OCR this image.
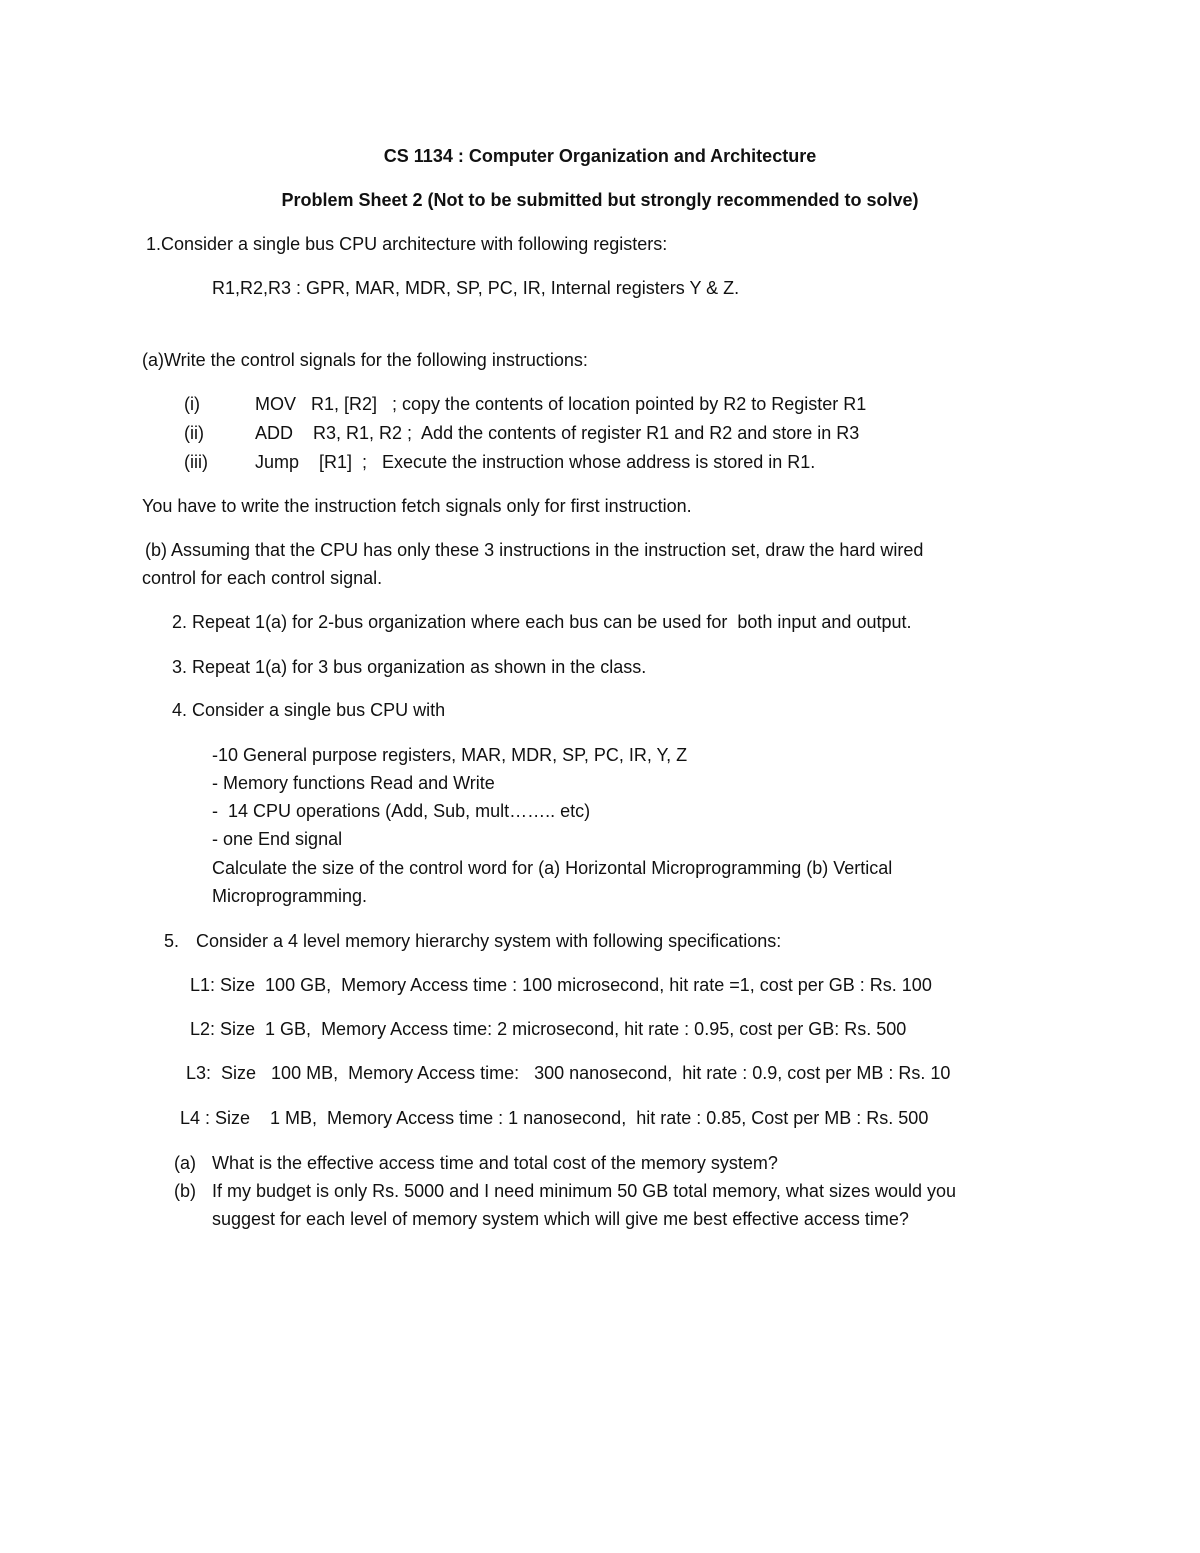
CS 1134 : Computer Organization and Architecture
Problem Sheet 2 (Not to be submitted but strongly recommended to solve)
1.Consider a single bus CPU architecture with following registers:
R1,R2,R3 : GPR, MAR, MDR, SP, PC, IR, Internal registers Y & Z.
(a)Write the control signals for the following instructions:
(i)	MOV   R1, [R2]   ; copy the contents of location pointed by R2 to Register R1
(ii)	ADD    R3, R1, R2 ;  Add the contents of register R1 and R2 and store in R3
(iii)	Jump    [R1]  ;   Execute the instruction whose address is stored in R1.
You have to write the instruction fetch signals only for first instruction.
(b) Assuming that the CPU has only these 3 instructions in the instruction set, draw the hard wired
control for each control signal.
2. Repeat 1(a) for 2-bus organization where each bus can be used for  both input and output.
3. Repeat 1(a) for 3 bus organization as shown in the class.
4. Consider a single bus CPU with
-10 General purpose registers, MAR, MDR, SP, PC, IR, Y, Z
- Memory functions Read and Write
-  14 CPU operations (Add, Sub, mult…….. etc)
- one End signal
Calculate the size of the control word for (a) Horizontal Microprogramming (b) Vertical
Microprogramming.
5. Consider a 4 level memory hierarchy system with following specifications:
L1: Size  100 GB,  Memory Access time : 100 microsecond, hit rate =1, cost per GB : Rs. 100
L2: Size  1 GB,  Memory Access time: 2 microsecond, hit rate : 0.95, cost per GB: Rs. 500
L3:  Size   100 MB,  Memory Access time:   300 nanosecond,  hit rate : 0.9, cost per MB : Rs. 10
L4 : Size    1 MB,  Memory Access time : 1 nanosecond,  hit rate : 0.85, Cost per MB : Rs. 500
(a) What is the effective access time and total cost of the memory system?
(b) If my budget is only Rs. 5000 and I need minimum 50 GB total memory, what sizes would you
suggest for each level of memory system which will give me best effective access time?
